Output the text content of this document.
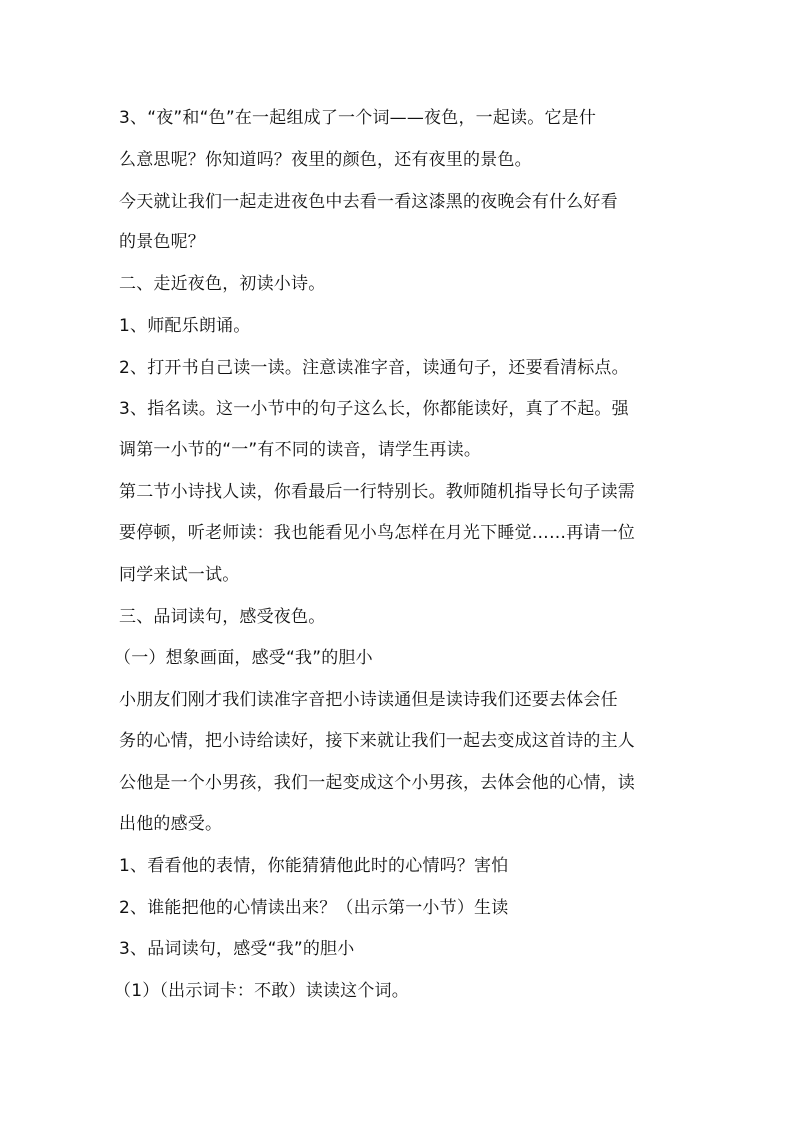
3、“夜”和“色”在一起组成了一个词——夜色，一起读。它是什
么意思呢？你知道吗？夜里的颜色，还有夜里的景色。
今天就让我们一起走进夜色中去看一看这漆黑的夜晚会有什么好看
的景色呢？
二、走近夜色，初读小诗。
1、师配乐朗诵。
2、打开书自己读一读。注意读准字音，读通句子，还要看清标点。
3、指名读。这一小节中的句子这么长，你都能读好，真了不起。强
调第一小节的“一”有不同的读音，请学生再读。
第二节小诗找人读，你看最后一行特别长。教师随机指导长句子读需
要停顿，听老师读：我也能看见小鸟怎样在月光下睡觉……再请一位
同学来试一试。
三、品词读句，感受夜色。
（一）想象画面，感受“我”的胆小
小朋友们刚才我们读准字音把小诗读通但是读诗我们还要去体会任
务的心情，把小诗给读好，接下来就让我们一起去变成这首诗的主人
公他是一个小男孩，我们一起变成这个小男孩，去体会他的心情，读
出他的感受。
1、看看他的表情，你能猜猜他此时的心情吗？害怕
2、谁能把他的心情读出来？（出示第一小节）生读
3、品词读句，感受“我”的胆小
（1）（出示词卡：不敢）读读这个词。
